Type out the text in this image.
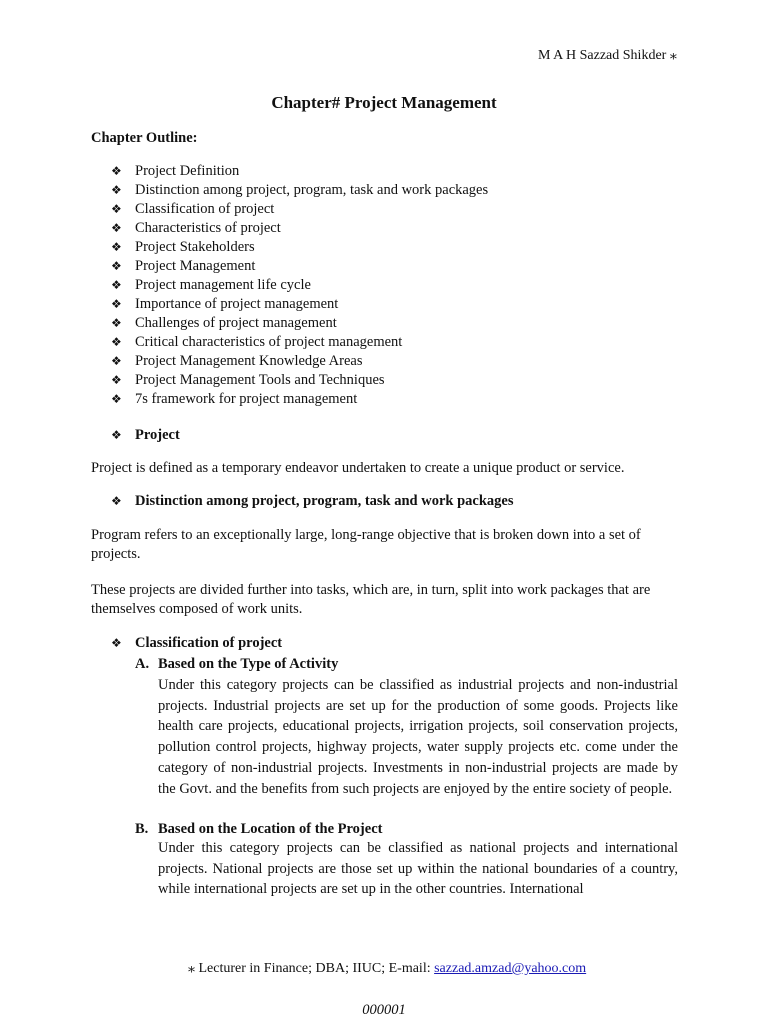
M A H Sazzad Shikder ⁎
Chapter# Project Management
Chapter Outline:
❖ Project Definition
❖ Distinction among project, program, task and work packages
❖ Classification of project
❖ Characteristics of project
❖ Project Stakeholders
❖ Project Management
❖ Project management life cycle
❖ Importance of project management
❖ Challenges of project management
❖ Critical characteristics of project management
❖ Project Management Knowledge Areas
❖ Project Management Tools and Techniques
❖ 7s framework for project management
❖ Project

Project is defined as a temporary endeavor undertaken to create a unique product or service.

❖ Distinction among project, program, task and work packages

Program refers to an exceptionally large, long-range objective that is broken down into a set of projects.

These projects are divided further into tasks, which are, in turn, split into work packages that are themselves composed of work units.

❖ Classification of project
A. Based on the Type of Activity

Under this category projects can be classified as industrial projects and non-industrial projects. Industrial projects are set up for the production of some goods. Projects like health care projects, educational projects, irrigation projects, soil conservation projects, pollution control projects, highway projects, water supply projects etc. come under the category of non-industrial projects. Investments in non-industrial projects are made by the Govt. and the benefits from such projects are enjoyed by the entire society of people.

B. Based on the Location of the Project

Under this category projects can be classified as national projects and international projects. National projects are those set up within the national boundaries of a country, while international projects are set up in the other countries. International

⁎ Lecturer in Finance; DBA; IIUC; E-mail: sazzad.amzad@yahoo.com
000001
